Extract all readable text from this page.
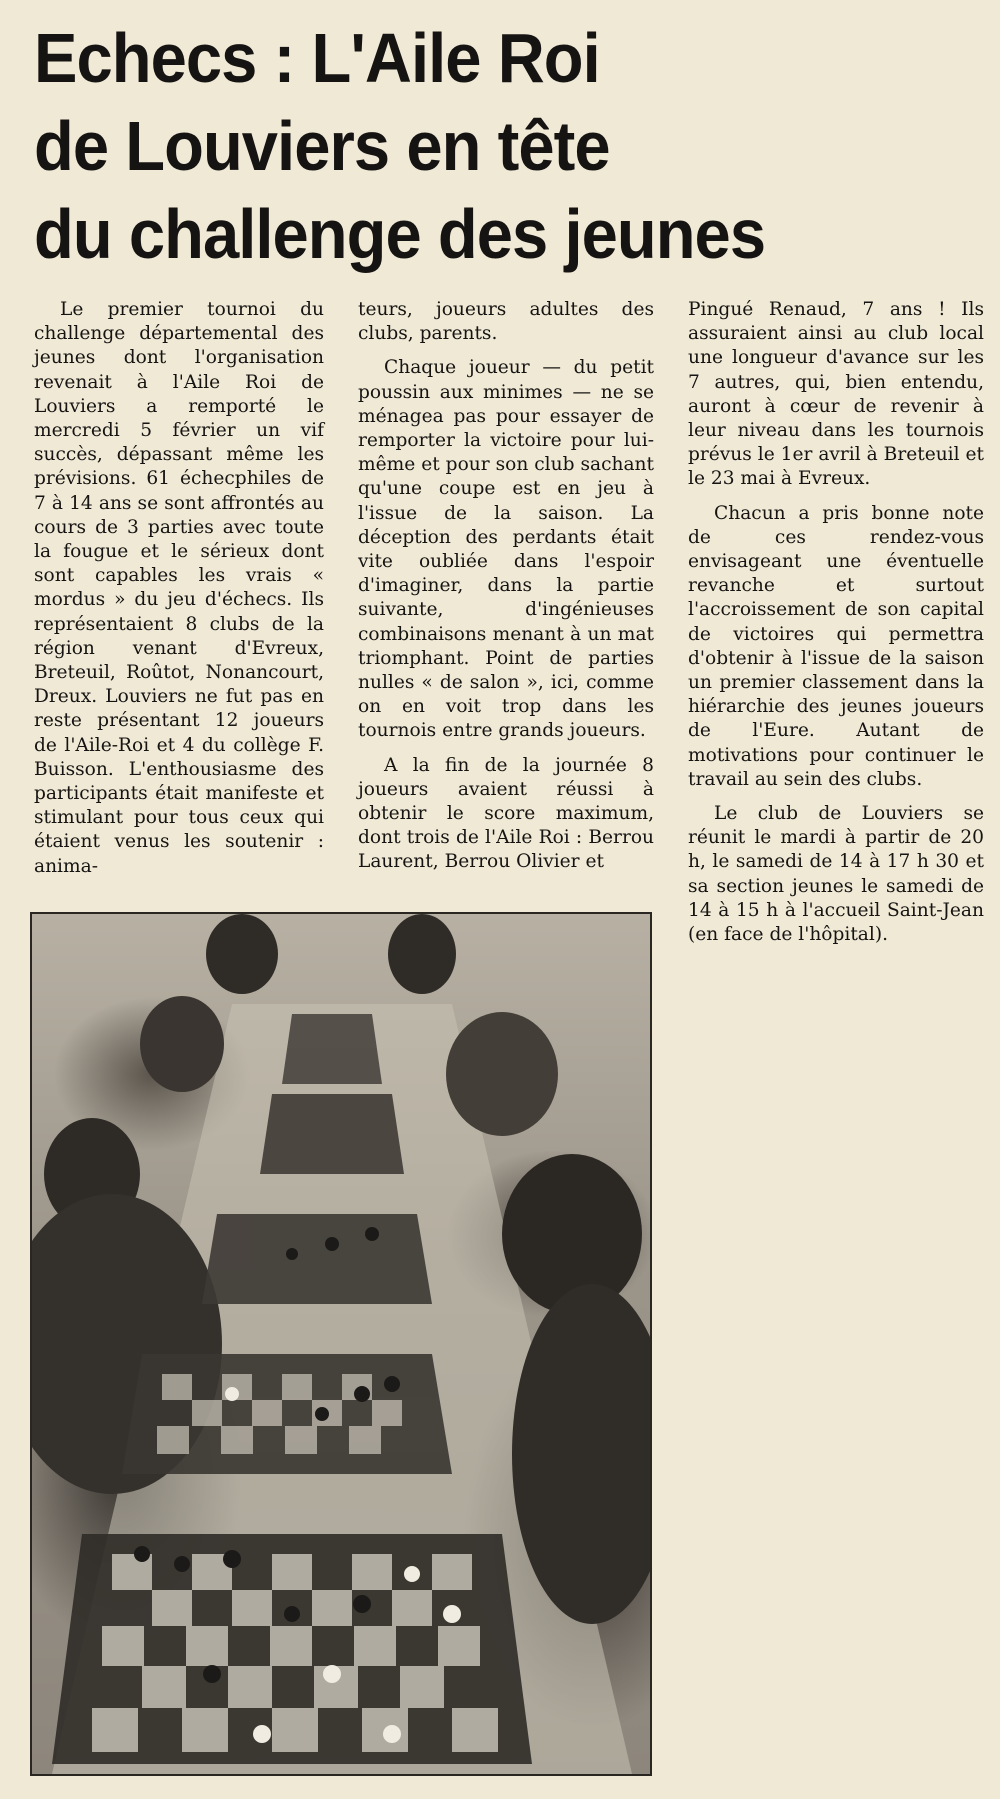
Echecs : L'Aile Roi
de Louviers en tête
du challenge des jeunes

Le premier tournoi du challenge départemental des jeunes dont l'organisation revenait à l'Aile Roi de Louviers a remporté le mercredi 5 février un vif succès, dépassant même les prévisions. 61 échecphiles de 7 à 14 ans se sont affrontés au cours de 3 parties avec toute la fougue et le sérieux dont sont capables les vrais « mordus » du jeu d'échecs. Ils représentaient 8 clubs de la région venant d'Evreux, Breteuil, Roûtot, Nonancourt, Dreux. Louviers ne fut pas en reste présentant 12 joueurs de l'Aile-Roi et 4 du collège F. Buisson. L'enthousiasme des participants était manifeste et stimulant pour tous ceux qui étaient venus les soutenir : anima-

teurs, joueurs adultes des clubs, parents.

Chaque joueur — du petit poussin aux minimes — ne se ménagea pas pour essayer de remporter la victoire pour lui-même et pour son club sachant qu'une coupe est en jeu à l'issue de la saison. La déception des perdants était vite oubliée dans l'espoir d'imaginer, dans la partie suivante, d'ingénieuses combinaisons menant à un mat triomphant. Point de parties nulles « de salon », ici, comme on en voit trop dans les tournois entre grands joueurs.

A la fin de la journée 8 joueurs avaient réussi à obtenir le score maximum, dont trois de l'Aile Roi : Berrou Laurent, Berrou Olivier et

Pingué Renaud, 7 ans ! Ils assuraient ainsi au club local une longueur d'avance sur les 7 autres, qui, bien entendu, auront à cœur de revenir à leur niveau dans les tournois prévus le 1er avril à Breteuil et le 23 mai à Evreux.

Chacun a pris bonne note de ces rendez-vous envisageant une éventuelle revanche et surtout l'accroissement de son capital de victoires qui permettra d'obtenir à l'issue de la saison un premier classement dans la hiérarchie des jeunes joueurs de l'Eure. Autant de motivations pour continuer le travail au sein des clubs.

Le club de Louviers se réunit le mardi à partir de 20 h, le samedi de 14 à 17 h 30 et sa section jeunes le samedi de 14 à 15 h à l'accueil Saint-Jean (en face de l'hôpital).
